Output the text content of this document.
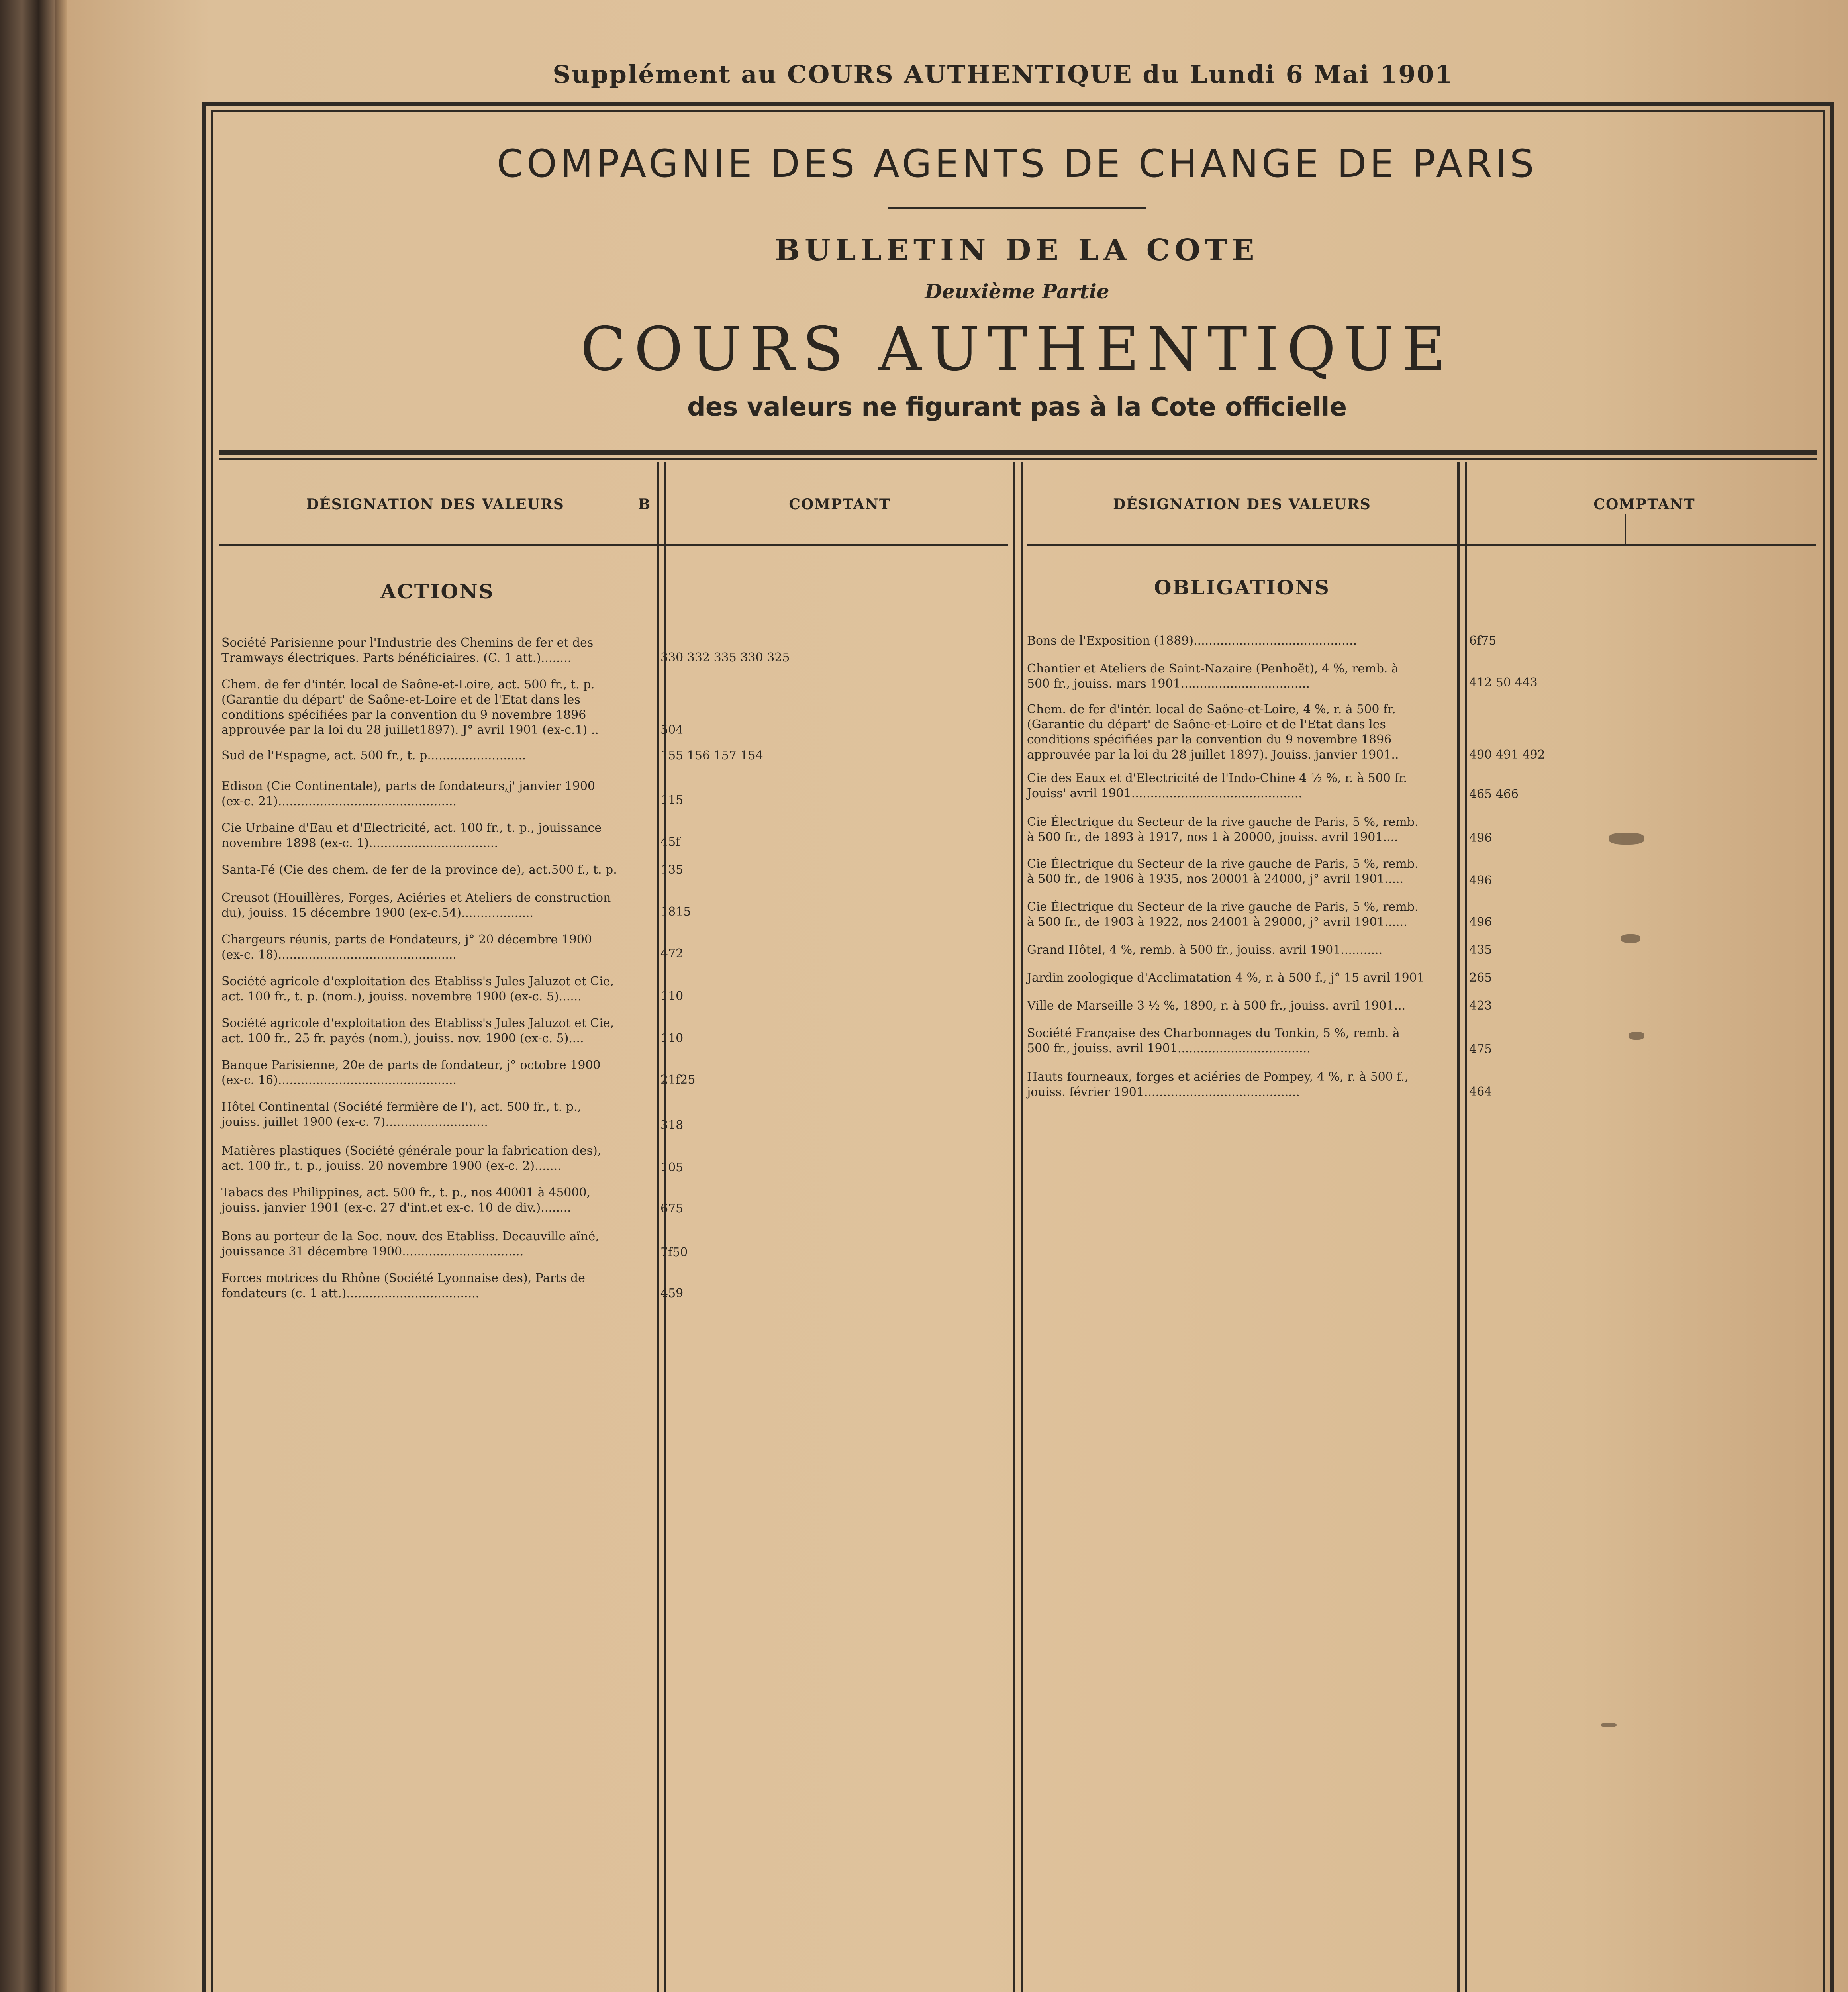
Supplément au COURS AUTHENTIQUE du Lundi 6 Mai 1901
COMPAGNIE DES AGENTS DE CHANGE DE PARIS
BULLETIN DE LA COTE
Deuxième Partie
COURS AUTHENTIQUE
des valeurs ne figurant pas à la Cote officielle
DÉSIGNATION DES VALEURS	B	COMPTANT	DÉSIGNATION DES VALEURS	COMPTANT
ACTIONS	OBLIGATIONS
Société Parisienne pour l'Industrie des Chemins de fer et des
Tramways électriques. Parts bénéficiaires. (C. 1 att.)........	330 332 335 330 325
Chem. de fer d'intér. local de Saône-et-Loire, act. 500 fr., t. p.
(Garantie du départ' de Saône-et-Loire et de l'Etat dans les
conditions spécifiées par la convention du 9 novembre 1896
approuvée par la loi du 28 juillet1897). J° avril 1901 (ex-c.1) ..	504
Sud de l'Espagne, act. 500 fr., t. p..........................	155 156 157 154
Edison (Cie Continentale), parts de fondateurs,j' janvier 1900
(ex-c. 21)...............................................	115
Cie Urbaine d'Eau et d'Electricité, act. 100 fr., t. p., jouissance
novembre 1898 (ex-c. 1)..................................	45f
Santa-Fé (Cie des chem. de fer de la province de), act.500 f., t. p.	135
Creusot (Houillères, Forges, Aciéries et Ateliers de construction
du), jouiss. 15 décembre 1900 (ex-c.54)...................	1815
Chargeurs réunis, parts de Fondateurs, j° 20 décembre 1900
(ex-c. 18)...............................................	472
Société agricole d'exploitation des Etabliss's Jules Jaluzot et Cie,
act. 100 fr., t. p. (nom.), jouiss. novembre 1900 (ex-c. 5)......	110
Société agricole d'exploitation des Etabliss's Jules Jaluzot et Cie,
act. 100 fr., 25 fr. payés (nom.), jouiss. nov. 1900 (ex-c. 5)....	110
Banque Parisienne, 20e de parts de fondateur, j° octobre 1900
(ex-c. 16)...............................................	21f25
Hôtel Continental (Société fermière de l'), act. 500 fr., t. p.,
jouiss. juillet 1900 (ex-c. 7)...........................	318
Matières plastiques (Société générale pour la fabrication des),
act. 100 fr., t. p., jouiss. 20 novembre 1900 (ex-c. 2).......	105
Tabacs des Philippines, act. 500 fr., t. p., nos 40001 à 45000,
jouiss. janvier 1901 (ex-c. 27 d'int.et ex-c. 10 de div.)........	675
Bons au porteur de la Soc. nouv. des Etabliss. Decauville aîné,
jouissance 31 décembre 1900................................	7f50
Forces motrices du Rhône (Société Lyonnaise des), Parts de
fondateurs (c. 1 att.)...................................	459
Bons de l'Exposition (1889)...........................................	6f75
Chantier et Ateliers de Saint-Nazaire (Penhoët), 4 %, remb. à
500 fr., jouiss. mars 1901..................................	412 50 443
Chem. de fer d'intér. local de Saône-et-Loire, 4 %, r. à 500 fr.
(Garantie du départ' de Saône-et-Loire et de l'Etat dans les
conditions spécifiées par la convention du 9 novembre 1896
approuvée par la loi du 28 juillet 1897). Jouiss. janvier 1901..	490 491 492
Cie des Eaux et d'Electricité de l'Indo-Chine 4 ½ %, r. à 500 fr.
Jouiss' avril 1901.............................................	465 466
Cie Électrique du Secteur de la rive gauche de Paris, 5 %, remb.
à 500 fr., de 1893 à 1917, nos 1 à 20000, jouiss. avril 1901....	496
Cie Électrique du Secteur de la rive gauche de Paris, 5 %, remb.
à 500 fr., de 1906 à 1935, nos 20001 à 24000, j° avril 1901.....	496
Cie Électrique du Secteur de la rive gauche de Paris, 5 %, remb.
à 500 fr., de 1903 à 1922, nos 24001 à 29000, j° avril 1901......	496
Grand Hôtel, 4 %, remb. à 500 fr., jouiss. avril 1901...........	435
Jardin zoologique d'Acclimatation 4 %, r. à 500 f., j° 15 avril 1901	265
Ville de Marseille 3 ½ %, 1890, r. à 500 fr., jouiss. avril 1901...	423
Société Française des Charbonnages du Tonkin, 5 %, remb. à
500 fr., jouiss. avril 1901...................................	475
Hauts fourneaux, forges et aciéries de Pompey, 4 %, r. à 500 f.,
jouiss. février 1901.........................................	464
